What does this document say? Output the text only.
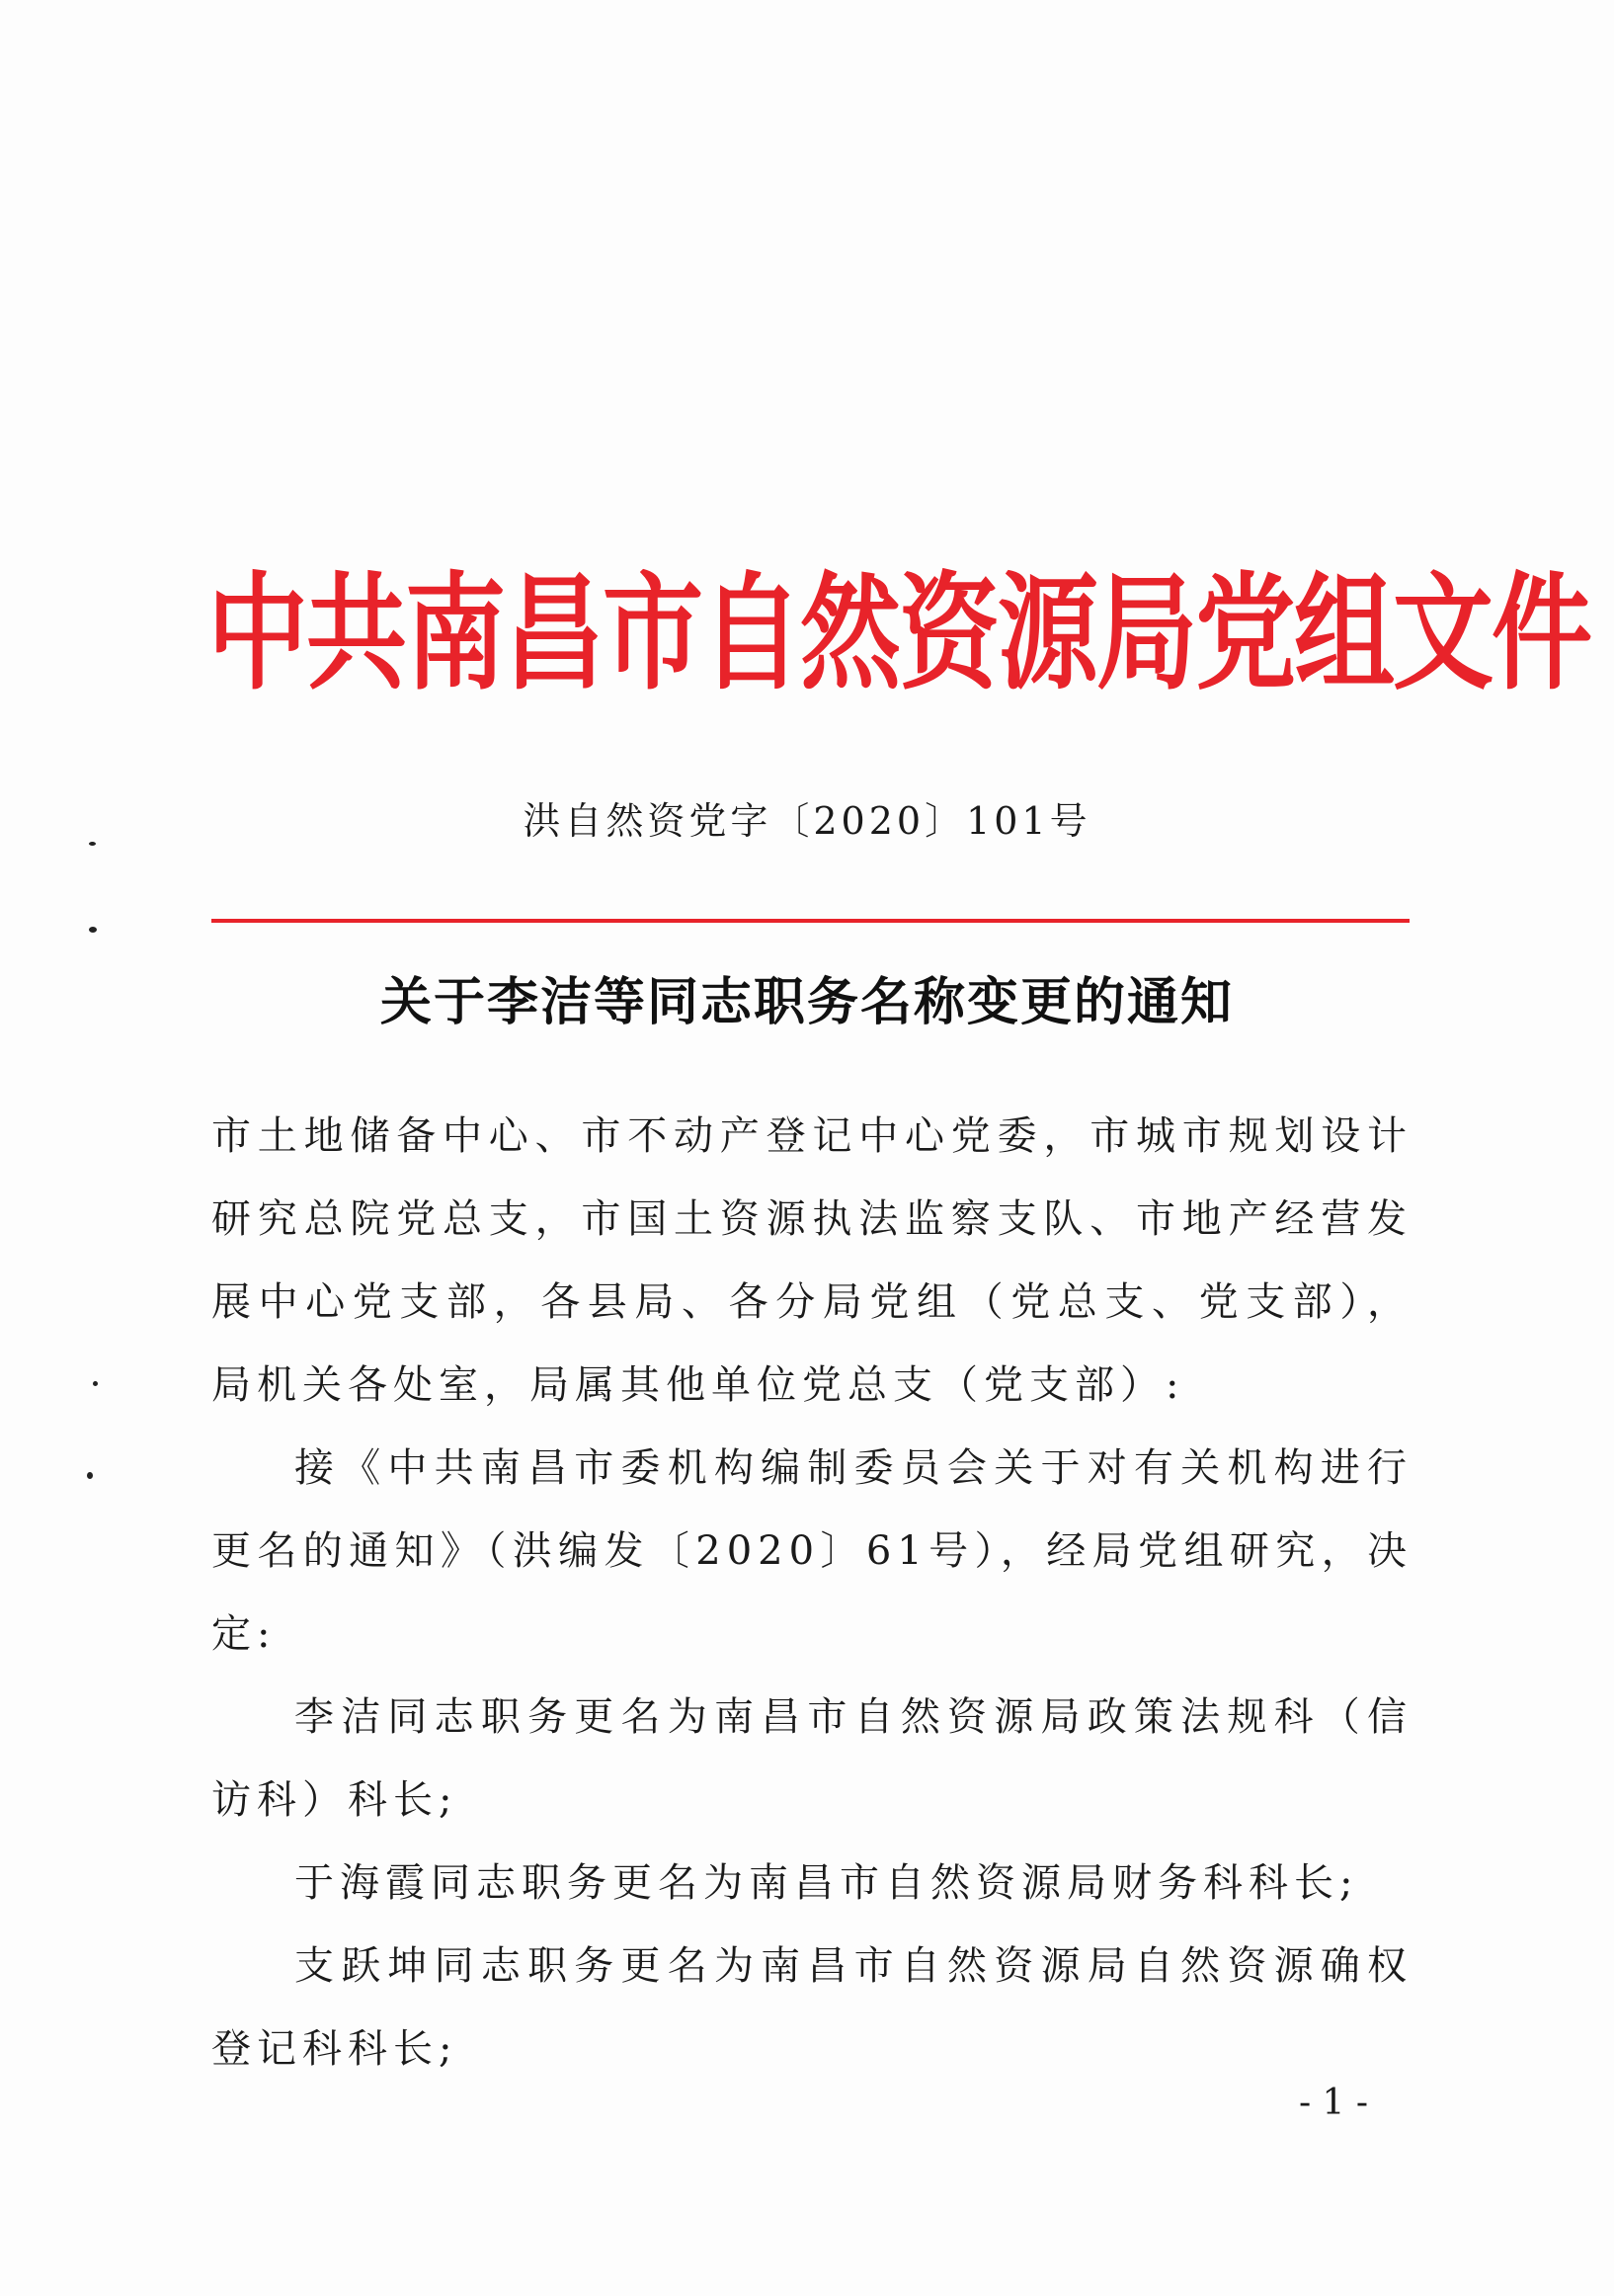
中共南昌市自然资源局党组文件
洪自然资党字〔2020〕101号
关于李洁等同志职务名称变更的通知

市土地储备中心、市不动产登记中心党委，市城市规划设计研究总院党总支，市国土资源执法监察支队、市地产经营发展中心党支部，各县局、各分局党组（党总支、党支部），局机关各处室，局属其他单位党总支（党支部）:

接《中共南昌市委机构编制委员会关于对有关机构进行更名的通知》（洪编发〔2020〕61号），经局党组研究，决定:

李洁同志职务更名为南昌市自然资源局政策法规科（信访科）科长;

于海霞同志职务更名为南昌市自然资源局财务科科长;

支跃坤同志职务更名为南昌市自然资源局自然资源确权登记科科长;

- 1 -
